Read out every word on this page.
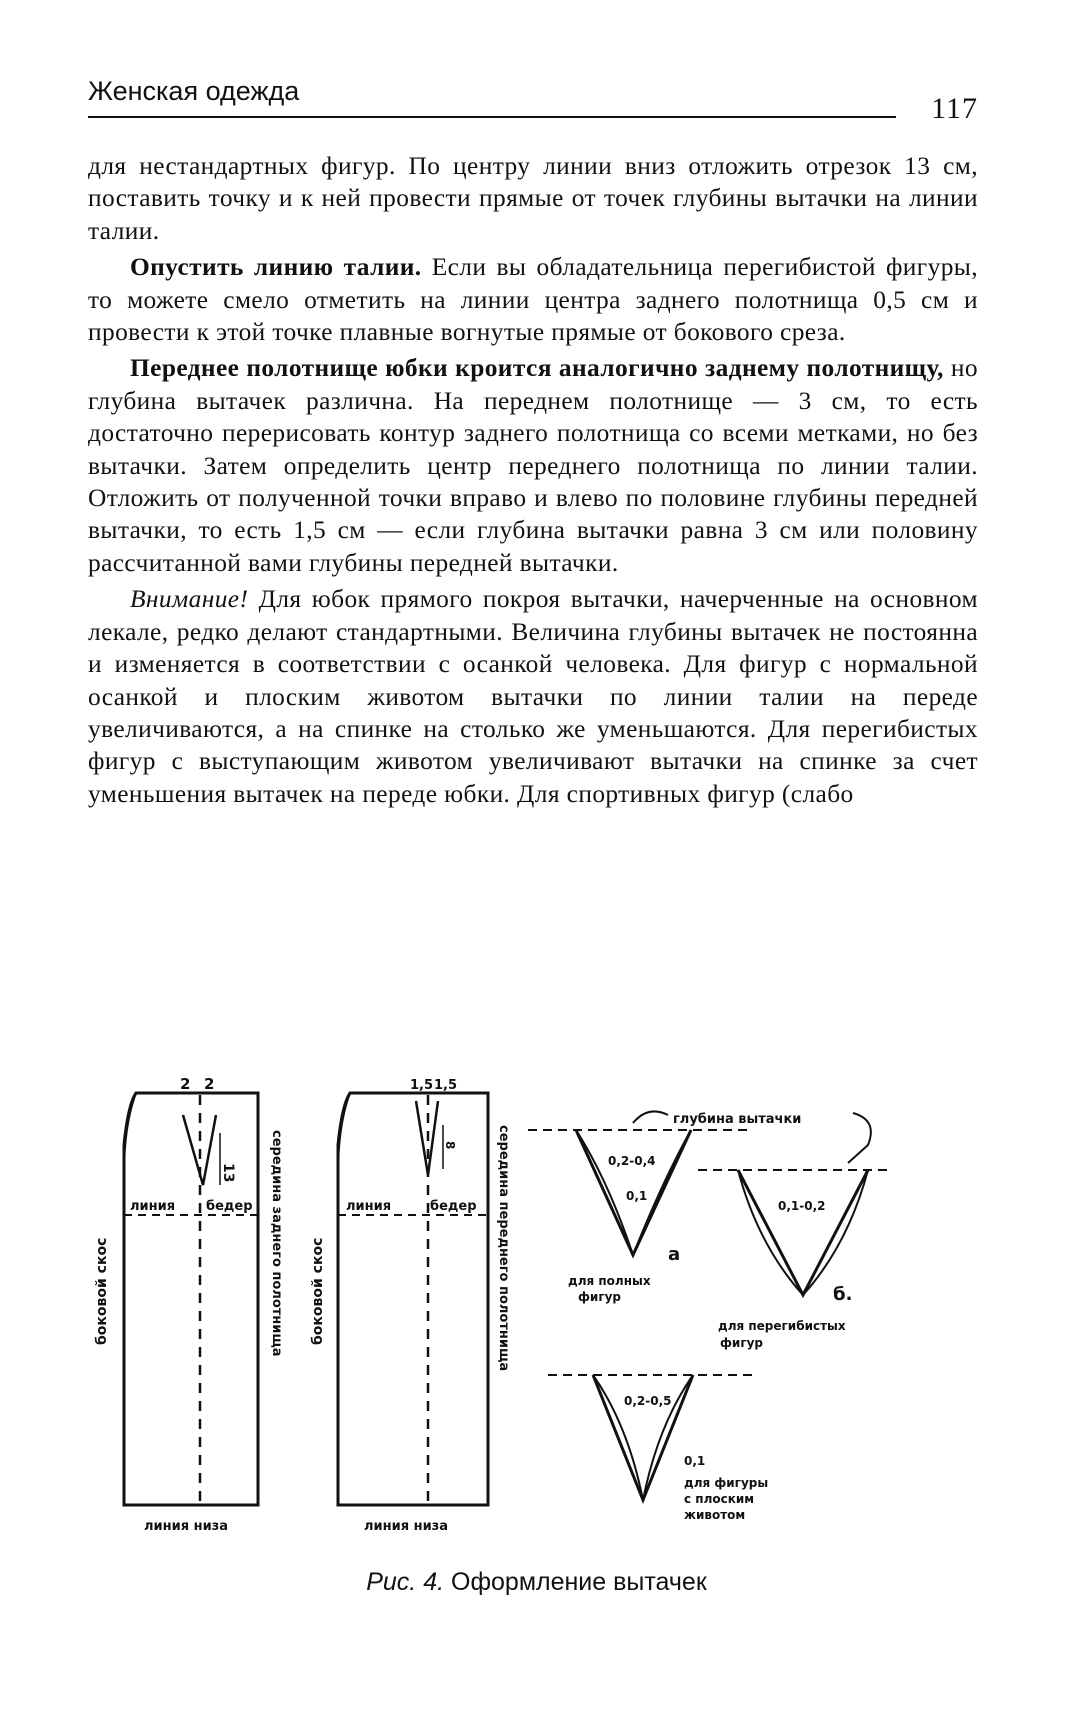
Женская одежда
117

для нестандартных фигур. По центру линии вниз отложить отрезок 13 см, поставить точку и к ней провести прямые от точек глубины вытачки на линии талии.

Опустить линию талии. Если вы обладательница перегибистой фигуры, то можете смело отметить на линии центра заднего полотнища 0,5 см и провести к этой точке плавные вогнутые прямые от бокового среза.

Переднее полотнище юбки кроится аналогично заднему полотнищу, но глубина вытачек различна. На переднем полотнище — 3 см, то есть достаточно перерисовать контур заднего полотнища со всеми метками, но без вытачки. Затем определить центр переднего полотнища по линии талии. Отложить от полученной точки вправо и влево по половине глубины передней вытачки, то есть 1,5 см — если глубина вытачки равна 3 см или половину рассчитанной вами глубины передней вытачки.

Внимание! Для юбок прямого покроя вытачки, начерченные на основном лекале, редко делают стандартными. Величина глубины вытачек не постоянна и изменяется в соответствии с осанкой человека. Для фигур с нормальной осанкой и плоским животом вытачки по линии талии на переде увеличиваются, а на спинке на столько же уменьшаются. Для перегибистых фигур с выступающим животом увеличивают вытачки на спинке за счет уменьшения вытачек на переде юбки. Для спортивных фигур (слабо

2 2
13
боковой скос
линия бедер середина заднего полотнища
линия низа
1,5 1,5
8
боковой скос
линия	бедер середина переднего полотнища
линия низа
глубина вытачки
0,2-0,4
0,1
а
для полных
фигур
0,1-0,2
б.
для перегибистых
фигур
0,2-0,5
0,1
для фигуры
с плоским
животом
Рис. 4. Оформление вытачек
